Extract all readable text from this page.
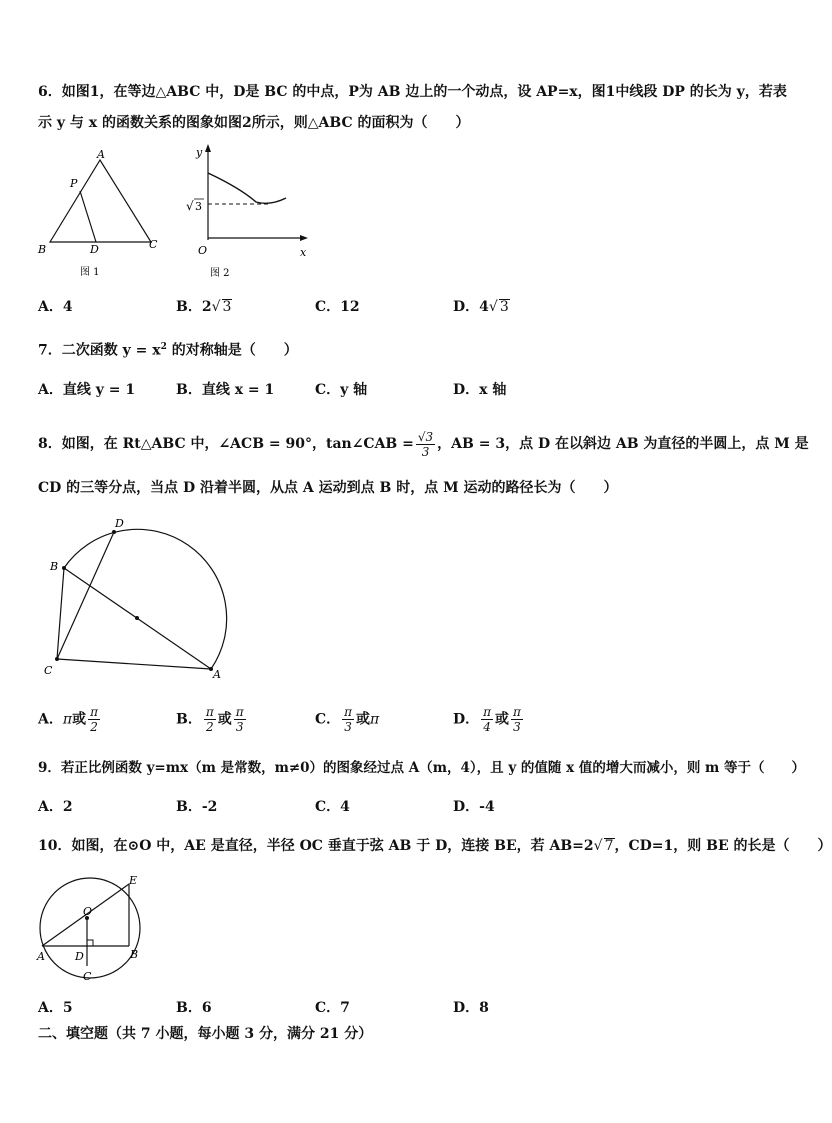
6．如图1，在等边△ABC 中，D是 BC 的中点，P为 AB 边上的一个动点，设 AP=x，图1中线段 DP 的长为 y，若表
示 y 与 x 的函数关系的图象如图2所示，则△ABC 的面积为（　　）
A
P
B	D	C
图 1
y
x
O
√ 3
图 2
A．4	B．2√ 3	C．12	D．4√ 3
7．二次函数 $y = x^2$ 的对称轴是（　　）
A．直线 y = 1	B．直线 x = 1	C．y 轴	D．x 轴
8．如图，在 Rt△ABC 中，∠ACB = 90°，tan∠CAB = $\frac{√3}{3}$ ，AB = 3，点 D 在以斜边 AB 为直径的半圆上，点 M 是
CD 的三等分点，当点 D 沿着半圆，从点 A 运动到点 B 时，点 M 运动的路径长为（　　）
D
B
C	A
A．π或 $\frac{\pi}{2}$	B． $\frac{\pi}{2}$ 或 $\frac{\pi}{3}$	C． $\frac{\pi}{3}$ 或π	D． $\frac{\pi}{4}$ 或 $\frac{\pi}{3}$
9．若正比例函数 y=mx（m 是常数，m≠0）的图象经过点 A（m，4），且 y 的值随 x 值的增大而减小，则 m 等于（　　）
A．2	B．-2	C．4	D．-4
10．如图，在⊙O 中，AE 是直径，半径 OC 垂直于弦 AB 于 D，连接 BE，若 AB=2√ 7，CD=1，则 BE 的长是（　　）
E
O
A	D	B
C
A．5	B．6	C．7	D．8
二、填空题（共 7 小题，每小题 3 分，满分 21 分）
